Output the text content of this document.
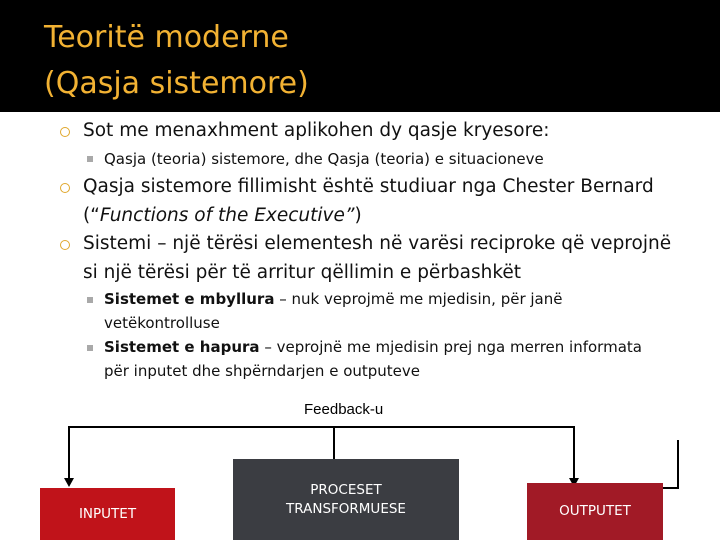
Teoritë moderne
(Qasja sistemore)
Sot me menaxhment aplikohen dy qasje kryesore:
Qasja (teoria) sistemore, dhe Qasja (teoria) e situacioneve
Qasja sistemore fillimisht është studiuar nga Chester Bernard
(“Functions of the Executive”)
Sistemi – një tërësi elementesh në varësi reciproke që veprojnë
si një tërësi për të arritur qëllimin e përbashkët
Sistemet e mbyllura – nuk veprojmë me mjedisin, për janë
vetëkontrolluse
Sistemet e hapura – veprojnë me mjedisin prej nga merren informata
për inputet dhe shpërndarjen e outputeve
Feedback-u
INPUTET
PROCESET
TRANSFORMUESE	OUTPUTET
